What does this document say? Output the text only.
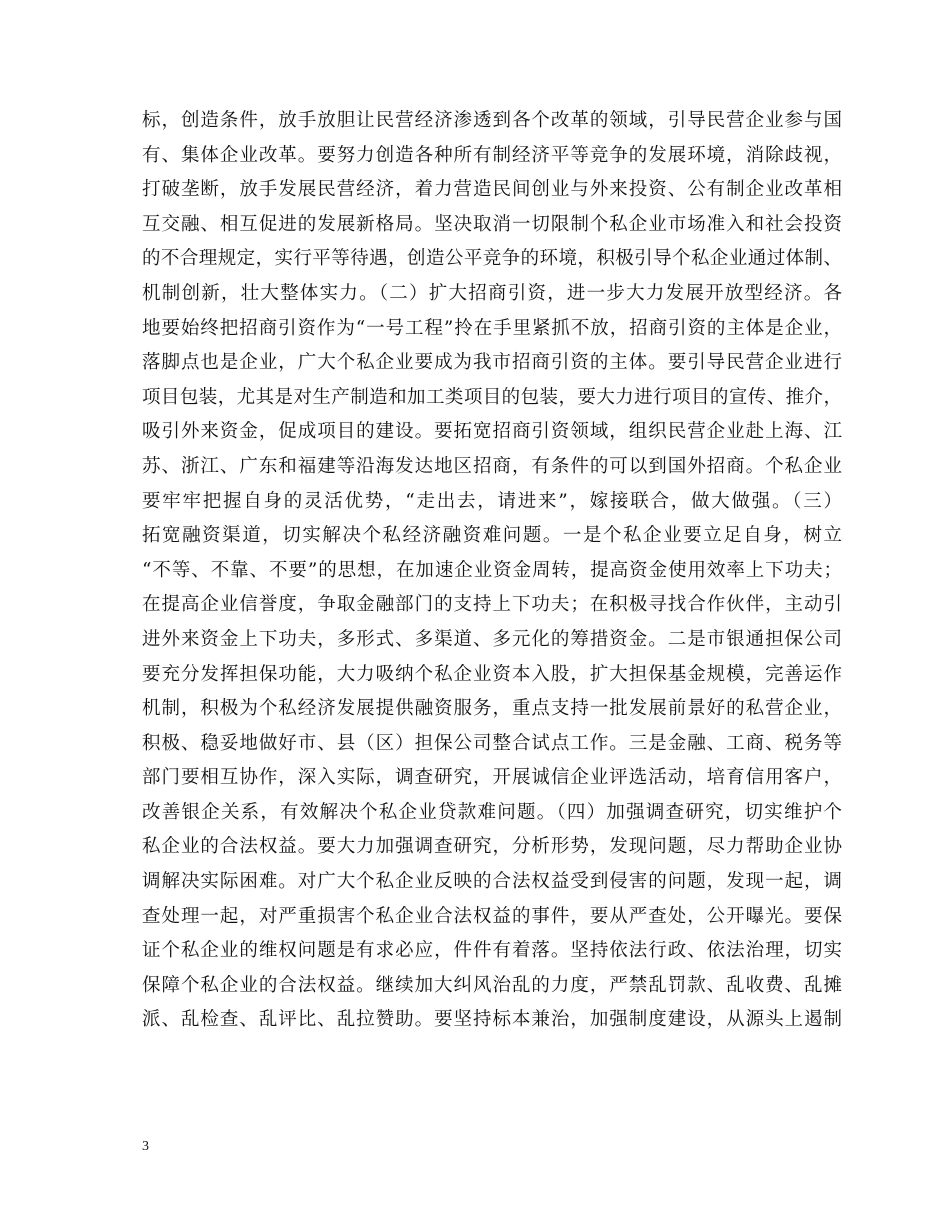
标，创造条件，放手放胆让民营经济渗透到各个改革的领域，引导民营企业参与国
有、集体企业改革。要努力创造各种所有制经济平等竞争的发展环境，消除歧视，
打破垄断，放手发展民营经济，着力营造民间创业与外来投资、公有制企业改革相
互交融、相互促进的发展新格局。坚决取消一切限制个私企业市场准入和社会投资
的不合理规定，实行平等待遇，创造公平竞争的环境，积极引导个私企业通过体制、
机制创新，壮大整体实力。（二）扩大招商引资，进一步大力发展开放型经济。各
地要始终把招商引资作为“一号工程”拎在手里紧抓不放，招商引资的主体是企业，
落脚点也是企业，广大个私企业要成为我市招商引资的主体。要引导民营企业进行
项目包装，尤其是对生产制造和加工类项目的包装，要大力进行项目的宣传、推介，
吸引外来资金，促成项目的建设。要拓宽招商引资领域，组织民营企业赴上海、江
苏、浙江、广东和福建等沿海发达地区招商，有条件的可以到国外招商。个私企业
要牢牢把握自身的灵活优势，“走出去，请进来”，嫁接联合，做大做强。（三）
拓宽融资渠道，切实解决个私经济融资难问题。一是个私企业要立足自身，树立
“不等、不靠、不要”的思想，在加速企业资金周转，提高资金使用效率上下功夫；
在提高企业信誉度，争取金融部门的支持上下功夫；在积极寻找合作伙伴，主动引
进外来资金上下功夫，多形式、多渠道、多元化的筹措资金。二是市银通担保公司
要充分发挥担保功能，大力吸纳个私企业资本入股，扩大担保基金规模，完善运作
机制，积极为个私经济发展提供融资服务，重点支持一批发展前景好的私营企业，
积极、稳妥地做好市、县（区）担保公司整合试点工作。三是金融、工商、税务等
部门要相互协作，深入实际，调查研究，开展诚信企业评选活动，培育信用客户，
改善银企关系，有效解决个私企业贷款难问题。（四）加强调查研究，切实维护个
私企业的合法权益。要大力加强调查研究，分析形势，发现问题，尽力帮助企业协
调解决实际困难。对广大个私企业反映的合法权益受到侵害的问题，发现一起，调
查处理一起，对严重损害个私企业合法权益的事件，要从严查处，公开曝光。要保
证个私企业的维权问题是有求必应，件件有着落。坚持依法行政、依法治理，切实
保障个私企业的合法权益。继续加大纠风治乱的力度，严禁乱罚款、乱收费、乱摊
派、乱检查、乱评比、乱拉赞助。要坚持标本兼治，加强制度建设，从源头上遏制
3
